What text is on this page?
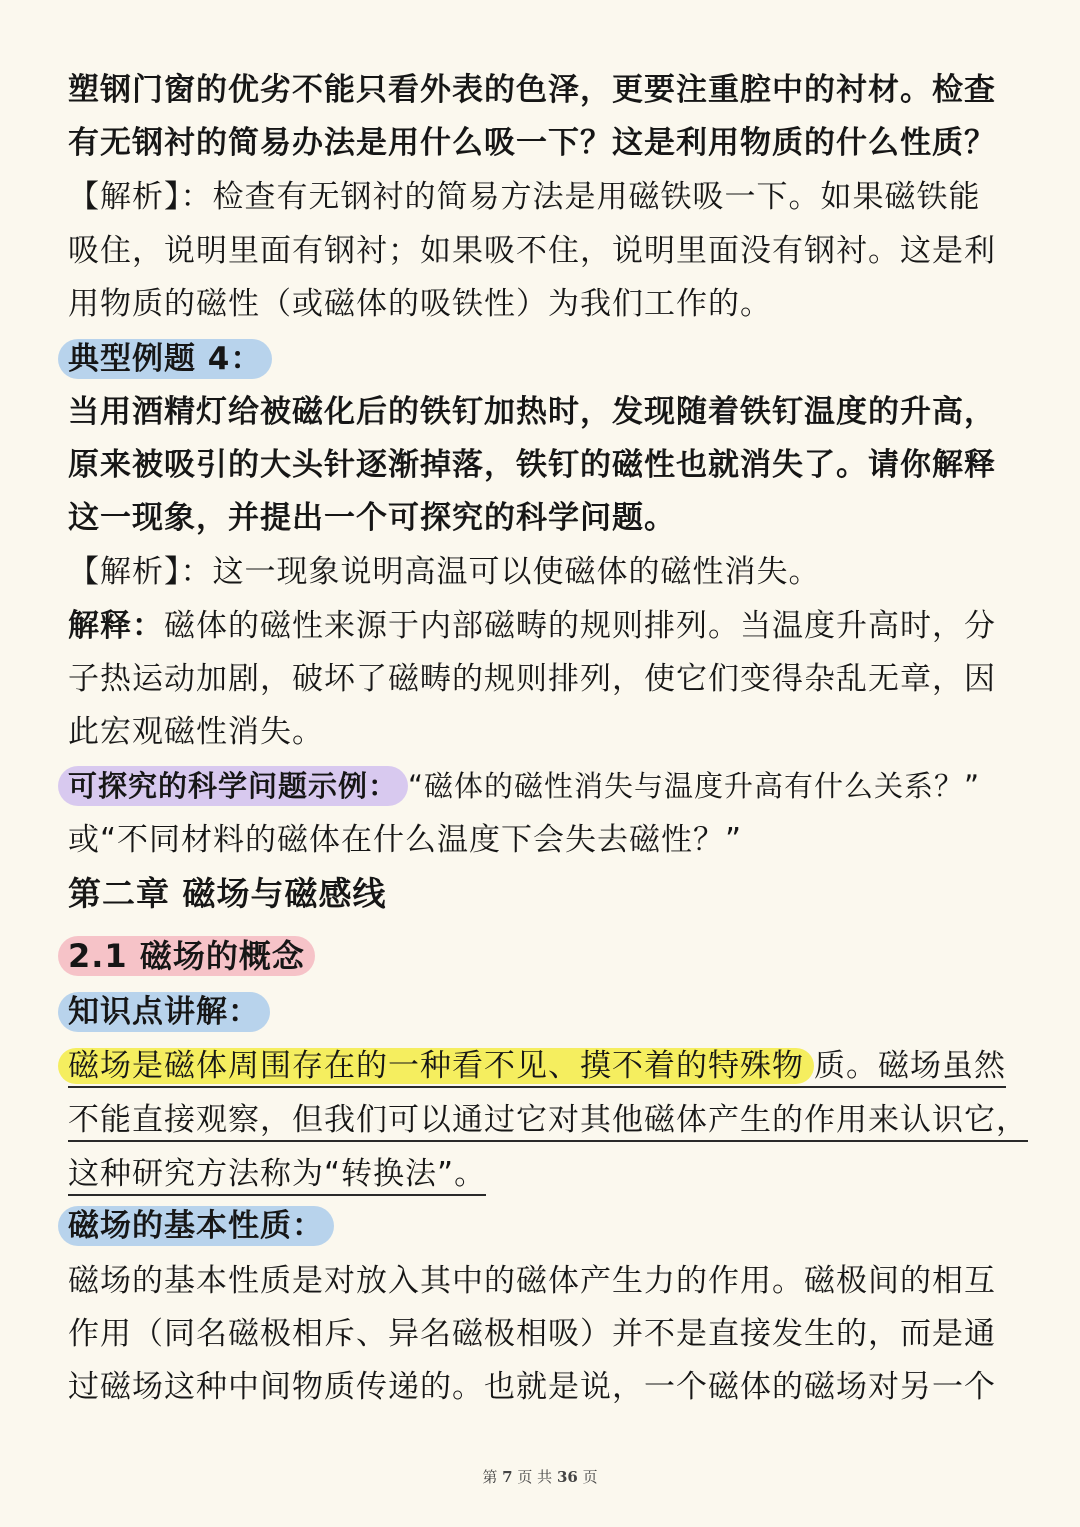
塑钢门窗的优劣不能只看外表的色泽，更要注重腔中的衬材。检查
有无钢衬的简易办法是用什么吸一下？这是利用物质的什么性质？
【解析】：检查有无钢衬的简易方法是用磁铁吸一下。如果磁铁能
吸住，说明里面有钢衬；如果吸不住，说明里面没有钢衬。这是利
用物质的磁性（或磁体的吸铁性）为我们工作的。
典型例题 4：
当用酒精灯给被磁化后的铁钉加热时，发现随着铁钉温度的升高，
原来被吸引的大头针逐渐掉落，铁钉的磁性也就消失了。请你解释
这一现象，并提出一个可探究的科学问题。
【解析】：这一现象说明高温可以使磁体的磁性消失。
解释：磁体的磁性来源于内部磁畴的规则排列。当温度升高时，分
子热运动加剧，破坏了磁畴的规则排列，使它们变得杂乱无章，因
此宏观磁性消失。
可探究的科学问题示例： “磁体的磁性消失与温度升高有什么关系？”
或“不同材料的磁体在什么温度下会失去磁性？”
第二章 磁场与磁感线
2.1 磁场的概念
知识点讲解：
磁场是磁体周围存在的一种看不见、摸不着的特殊物 质。磁场虽然
不能直接观察，但我们可以通过它对其他磁体产生的作用来认识它，
这种研究方法称为“转换法”。
磁场的基本性质：
磁场的基本性质是对放入其中的磁体产生力的作用。磁极间的相互
作用（同名磁极相斥、异名磁极相吸）并不是直接发生的，而是通
过磁场这种中间物质传递的。也就是说，一个磁体的磁场对另一个
第 7 页 共 36 页
